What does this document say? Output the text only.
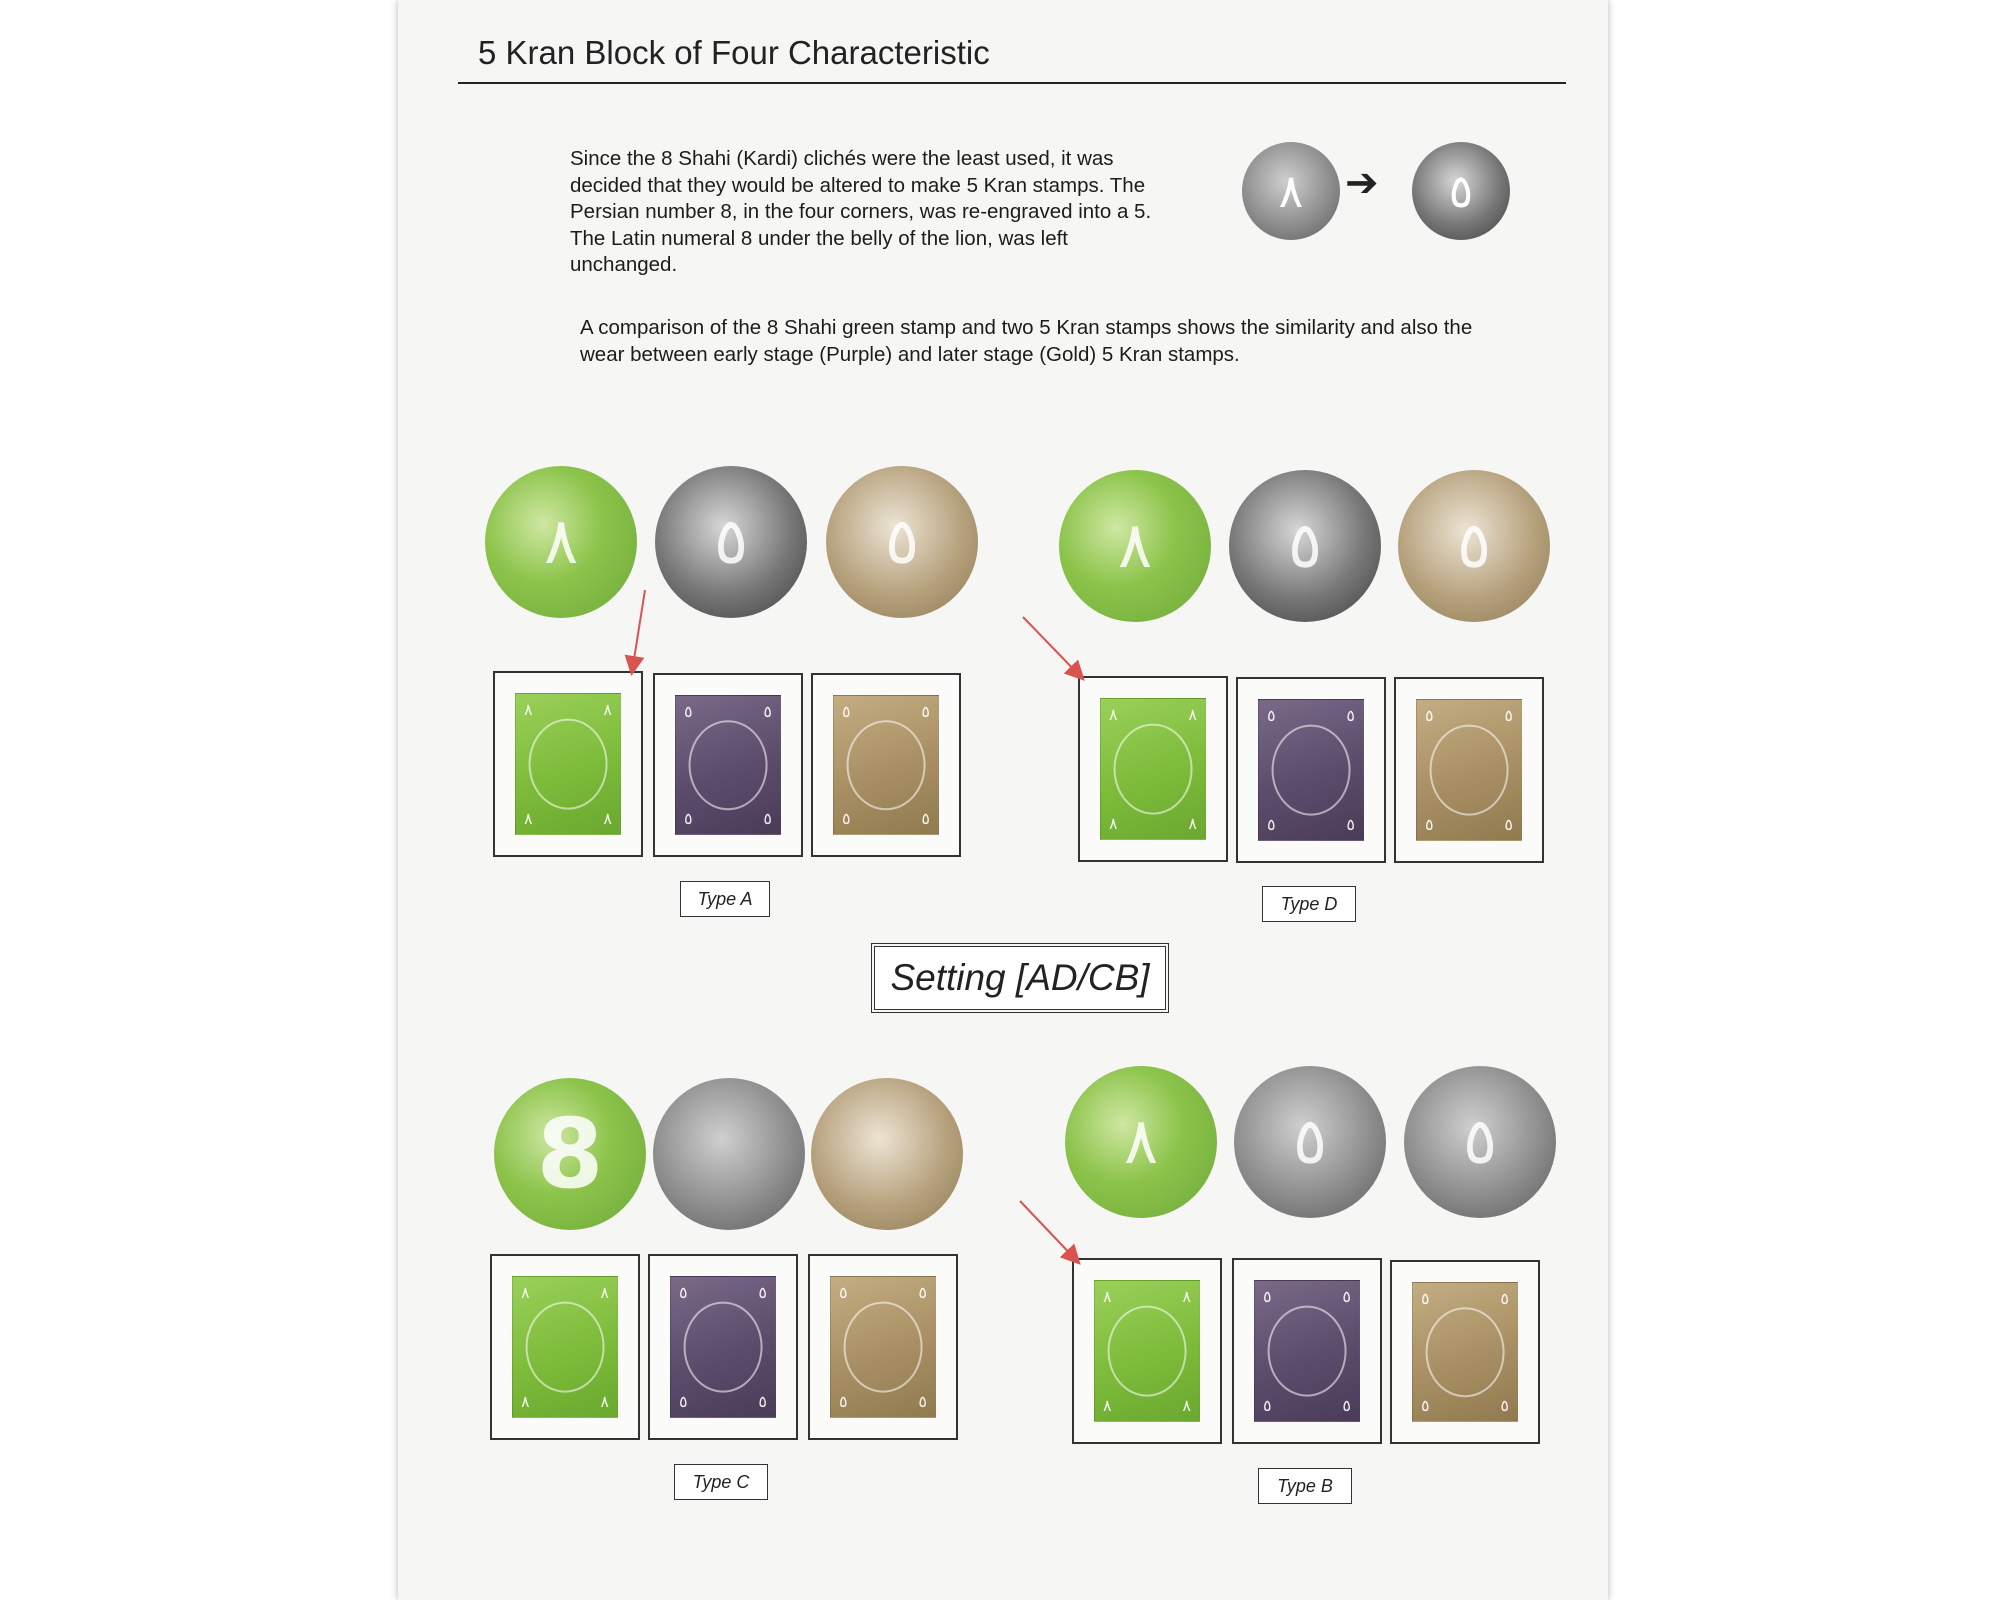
5 Kran Block of Four Characteristic
Since the 8 Shahi (Kardi) clichés were the least used, it was decided that they would be altered to make 5 Kran stamps. The Persian number 8, in the four corners, was re-engraved into a 5. The Latin numeral 8 under the belly of the lion, was left unchanged.
٨	➔	٥
A comparison of the 8 Shahi green stamp and two 5 Kran stamps shows the similarity and also the wear between early stage (Purple) and later stage (Gold) 5 Kran stamps.
٨	٥	٥
٨	٨
٨	٨
٥	٥
٥	٥
٥	٥
٥	٥
Type A
٨	٥	٥
٨	٨
٨	٨
٥	٥
٥	٥
٥	٥
٥	٥
Type D
Setting [AD/CB]
8
٨	٨
٨	٨
٥	٥
٥	٥
٥	٥
٥	٥
Type C
٨	٥	٥
٨	٨
٨	٨
٥	٥
٥	٥
٥	٥
٥	٥
Type B
